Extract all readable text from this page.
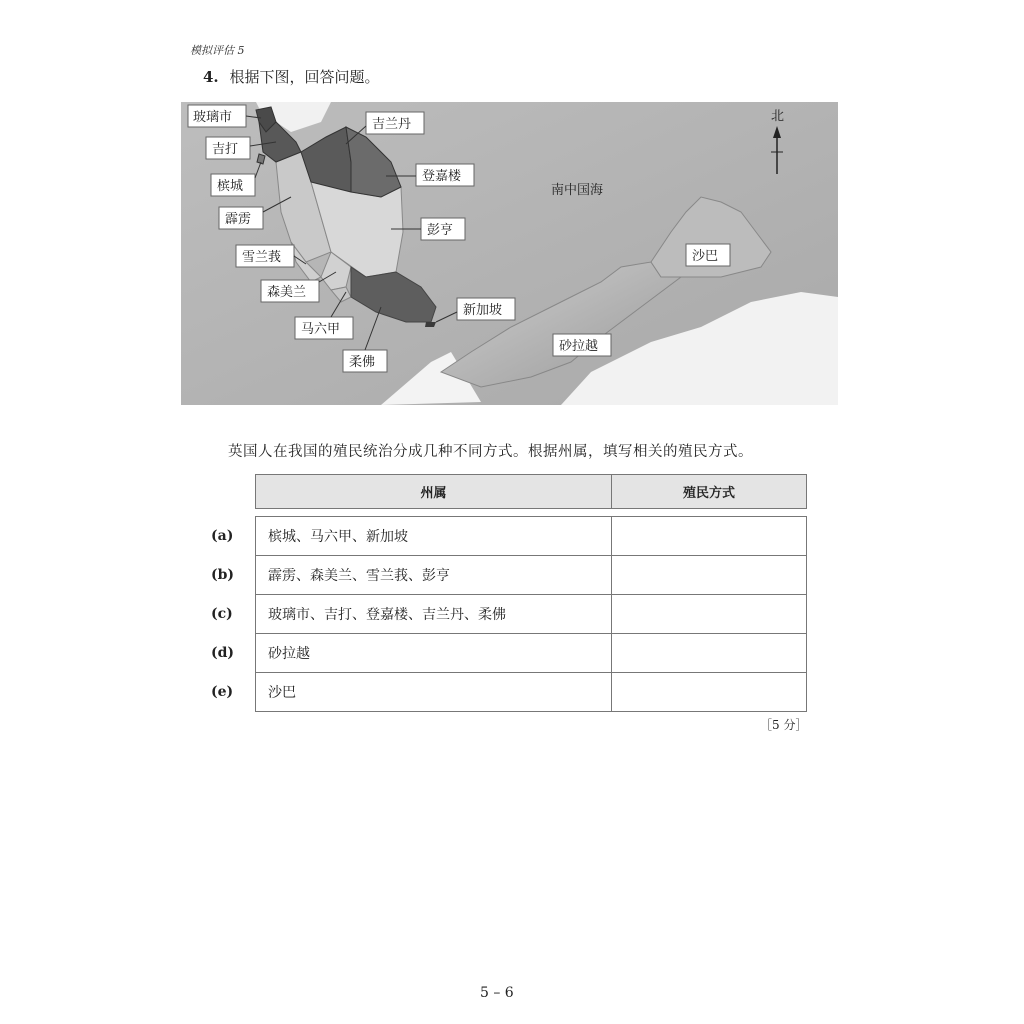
模拟评估 5
4. 根据下图，回答问题。
北
玻璃市
吉打
槟城
霹雳
雪兰莪
森美兰
马六甲
柔佛
吉兰丹
登嘉楼
彭亨
新加坡
沙巴
砂拉越
南中国海
英国人在我国的殖民统治分成几种不同方式。根据州属，填写相关的殖民方式。
州属	殖民方式

(a) 槟城、马六甲、新加坡	

(b) 霹雳、森美兰、雪兰莪、彭亨	

(c) 玻璃市、吉打、登嘉楼、吉兰丹、柔佛	

(d) 砂拉越	

(e) 沙巴	
［5 分］
5 – 6
